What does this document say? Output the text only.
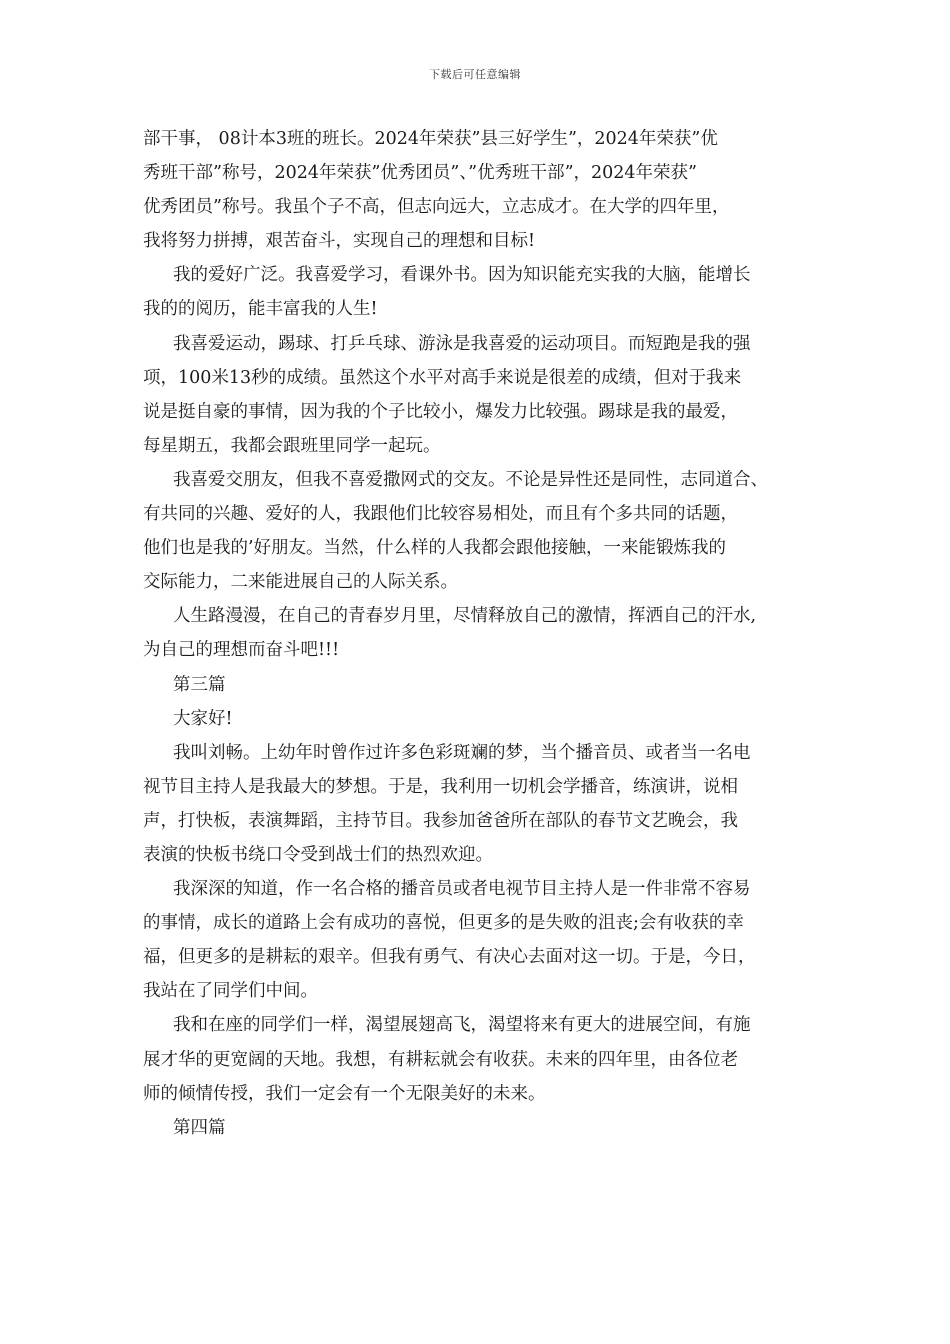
下载后可任意编辑

部干事， 08计本3班的班长。2024年荣获”县三好学生”，2024年荣获”优

秀班干部”称号，2024年荣获”优秀团员”、”优秀班干部”，2024年荣获”

优秀团员”称号。我虽个子不高，但志向远大，立志成才。在大学的四年里，

我将努力拼搏，艰苦奋斗，实现自己的理想和目标!

我的爱好广泛。我喜爱学习，看课外书。因为知识能充实我的大脑，能增长

我的的阅历，能丰富我的人生!

我喜爱运动，踢球、打乒乓球、游泳是我喜爱的运动项目。而短跑是我的强

项，100米13秒的成绩。虽然这个水平对高手来说是很差的成绩，但对于我来

说是挺自豪的事情，因为我的个子比较小，爆发力比较强。踢球是我的最爱，

每星期五，我都会跟班里同学一起玩。

我喜爱交朋友，但我不喜爱撒网式的交友。不论是异性还是同性，志同道合、

有共同的兴趣、爱好的人，我跟他们比较容易相处，而且有个多共同的话题，

他们也是我的’好朋友。当然，什么样的人我都会跟他接触，一来能锻炼我的

交际能力，二来能进展自己的人际关系。

人生路漫漫，在自己的青春岁月里，尽情释放自己的激情，挥洒自己的汗水,

为自己的理想而奋斗吧!!!

第三篇

大家好!

我叫刘畅。上幼年时曾作过许多色彩斑斓的梦，当个播音员、或者当一名电

视节目主持人是我最大的梦想。于是，我利用一切机会学播音，练演讲，说相

声，打快板，表演舞蹈，主持节目。我参加爸爸所在部队的春节文艺晚会，我

表演的快板书绕口令受到战士们的热烈欢迎。

我深深的知道，作一名合格的播音员或者电视节目主持人是一件非常不容易

的事情，成长的道路上会有成功的喜悦，但更多的是失败的沮丧;会有收获的幸

福，但更多的是耕耘的艰辛。但我有勇气、有决心去面对这一切。于是，今日，

我站在了同学们中间。

我和在座的同学们一样，渴望展翅高飞，渴望将来有更大的进展空间，有施

展才华的更宽阔的天地。我想，有耕耘就会有收获。未来的四年里，由各位老

师的倾情传授，我们一定会有一个无限美好的未来。

第四篇
